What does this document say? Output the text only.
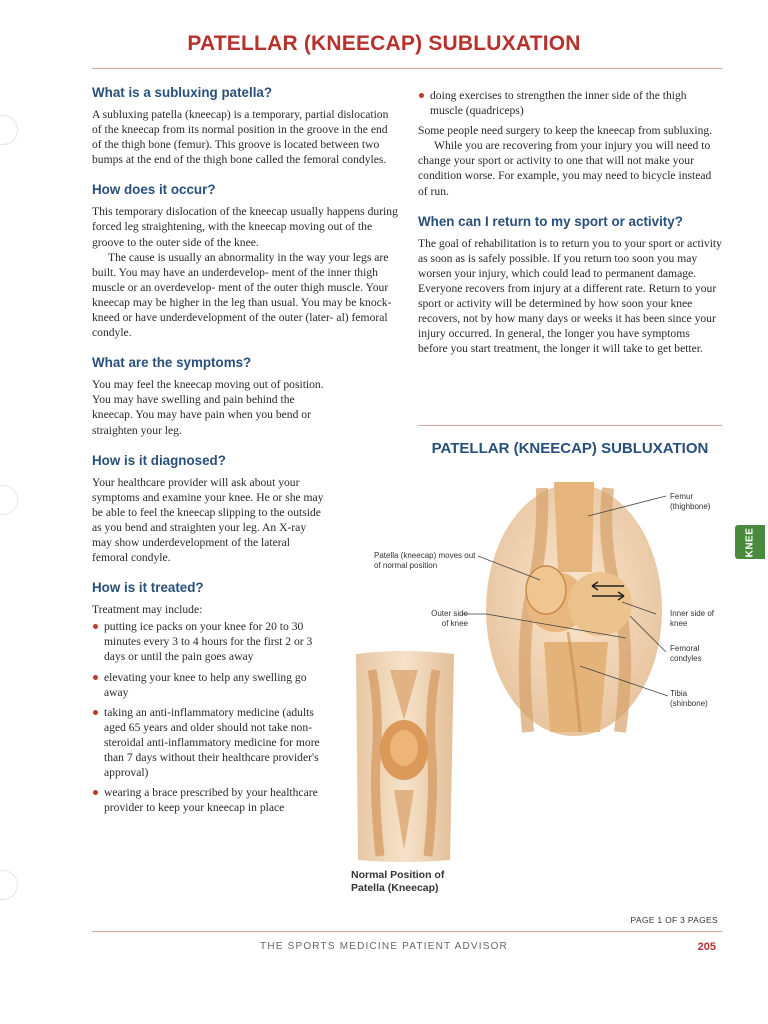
PATELLAR (KNEECAP) SUBLUXATION
What is a subluxing patella?

A subluxing patella (kneecap) is a temporary, partial dislocation of the kneecap from its normal position in the groove in the end of the thigh bone (femur). This groove is located between two bumps at the end of the thigh bone called the femoral condyles.

How does it occur?

This temporary dislocation of the kneecap usually happens during forced leg straightening, with the kneecap moving out of the groove to the outer side of the knee.

The cause is usually an abnormality in the way your legs are built. You may have an underdevelop- ment of the inner thigh muscle or an overdevelop- ment of the outer thigh muscle. Your kneecap may be higher in the leg than usual. You may be knock- kneed or have underdevelopment of the outer (later- al) femoral condyle.

What are the symptoms?

You may feel the kneecap moving out of position. You may have swelling and pain behind the kneecap. You may have pain when you bend or straighten your leg.

How is it diagnosed?

Your healthcare provider will ask about your symptoms and examine your knee. He or she may be able to feel the kneecap slipping to the outside as you bend and straighten your leg. An X-ray may show underdevelopment of the lateral femoral condyle.

How is it treated?

Treatment may include:

putting ice packs on your knee for 20 to 30 minutes every 3 to 4 hours for the first 2 or 3 days or until the pain goes away
elevating your knee to help any swelling go away
taking an anti-inflammatory medicine (adults aged 65 years and older should not take non-steroidal anti-inflammatory medicine for more than 7 days without their healthcare provider's approval)
wearing a brace prescribed by your healthcare provider to keep your kneecap in place
doing exercises to strengthen the inner side of the thigh muscle (quadriceps)

Some people need surgery to keep the kneecap from subluxing.

While you are recovering from your injury you will need to change your sport or activity to one that will not make your condition worse. For example, you may need to bicycle instead of run.

When can I return to my sport or activity?

The goal of rehabilitation is to return you to your sport or activity as soon as is safely possible. If you return too soon you may worsen your injury, which could lead to permanent damage. Everyone recovers from injury at a different rate. Return to your sport or activity will be determined by how soon your knee recovers, not by how many days or weeks it has been since your injury occurred. In general, the longer you have symptoms before you start treatment, the longer it will take to get better.

PATELLAR (KNEECAP) SUBLUXATION
Patella (kneecap) moves out of normal position
Outer side of knee
Femur (thighbone)
Inner side of knee
Femoral condyles
Tibia (shinbone)
Normal Position of Patella (Kneecap)
KNEE
PAGE 1 OF 3 PAGES
THE SPORTS MEDICINE PATIENT ADVISOR	205
